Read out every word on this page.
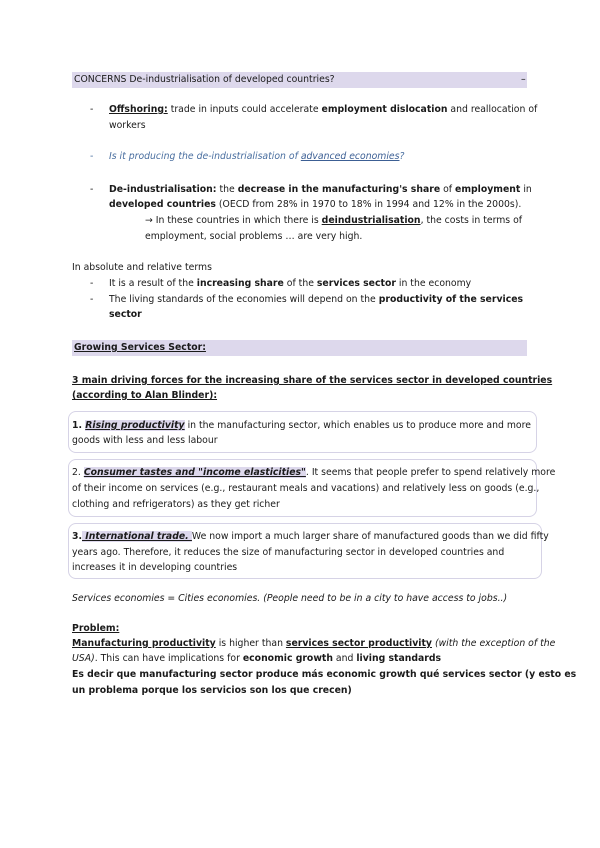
CONCERNS De-industrialisation of developed countries?	–
- Offshoring: trade in inputs could accelerate employment dislocation and reallocation of
workers
- Is it producing the de-industrialisation of advanced economies?
- De-industrialisation: the decrease in the manufacturing's share of employment in
developed countries (OECD from 28% in 1970 to 18% in 1994 and 12% in the 2000s).
→ In these countries in which there is deindustrialisation, the costs in terms of
employment, social problems … are very high.
In absolute and relative terms
- It is a result of the increasing share of the services sector in the economy
- The living standards of the economies will depend on the productivity of the services
sector
Growing Services Sector:
3 main driving forces for the increasing share of the services sector in developed countries
(according to Alan Blinder):
1. Rising productivity in the manufacturing sector, which enables us to produce more and more
goods with less and less labour
2. Consumer tastes and "income elasticities". It seems that people prefer to spend relatively more
of their income on services (e.g., restaurant meals and vacations) and relatively less on goods (e.g.,
clothing and refrigerators) as they get richer
3. International trade. We now import a much larger share of manufactured goods than we did fifty
years ago. Therefore, it reduces the size of manufacturing sector in developed countries and
increases it in developing countries
Services economies = Cities economies. (People need to be in a city to have access to jobs..)
Problem:
Manufacturing productivity is higher than services sector productivity (with the exception of the
USA). This can have implications for economic growth and living standards
Es decir que manufacturing sector produce más economic growth qué services sector (y esto es
un problema porque los servicios son los que crecen)
